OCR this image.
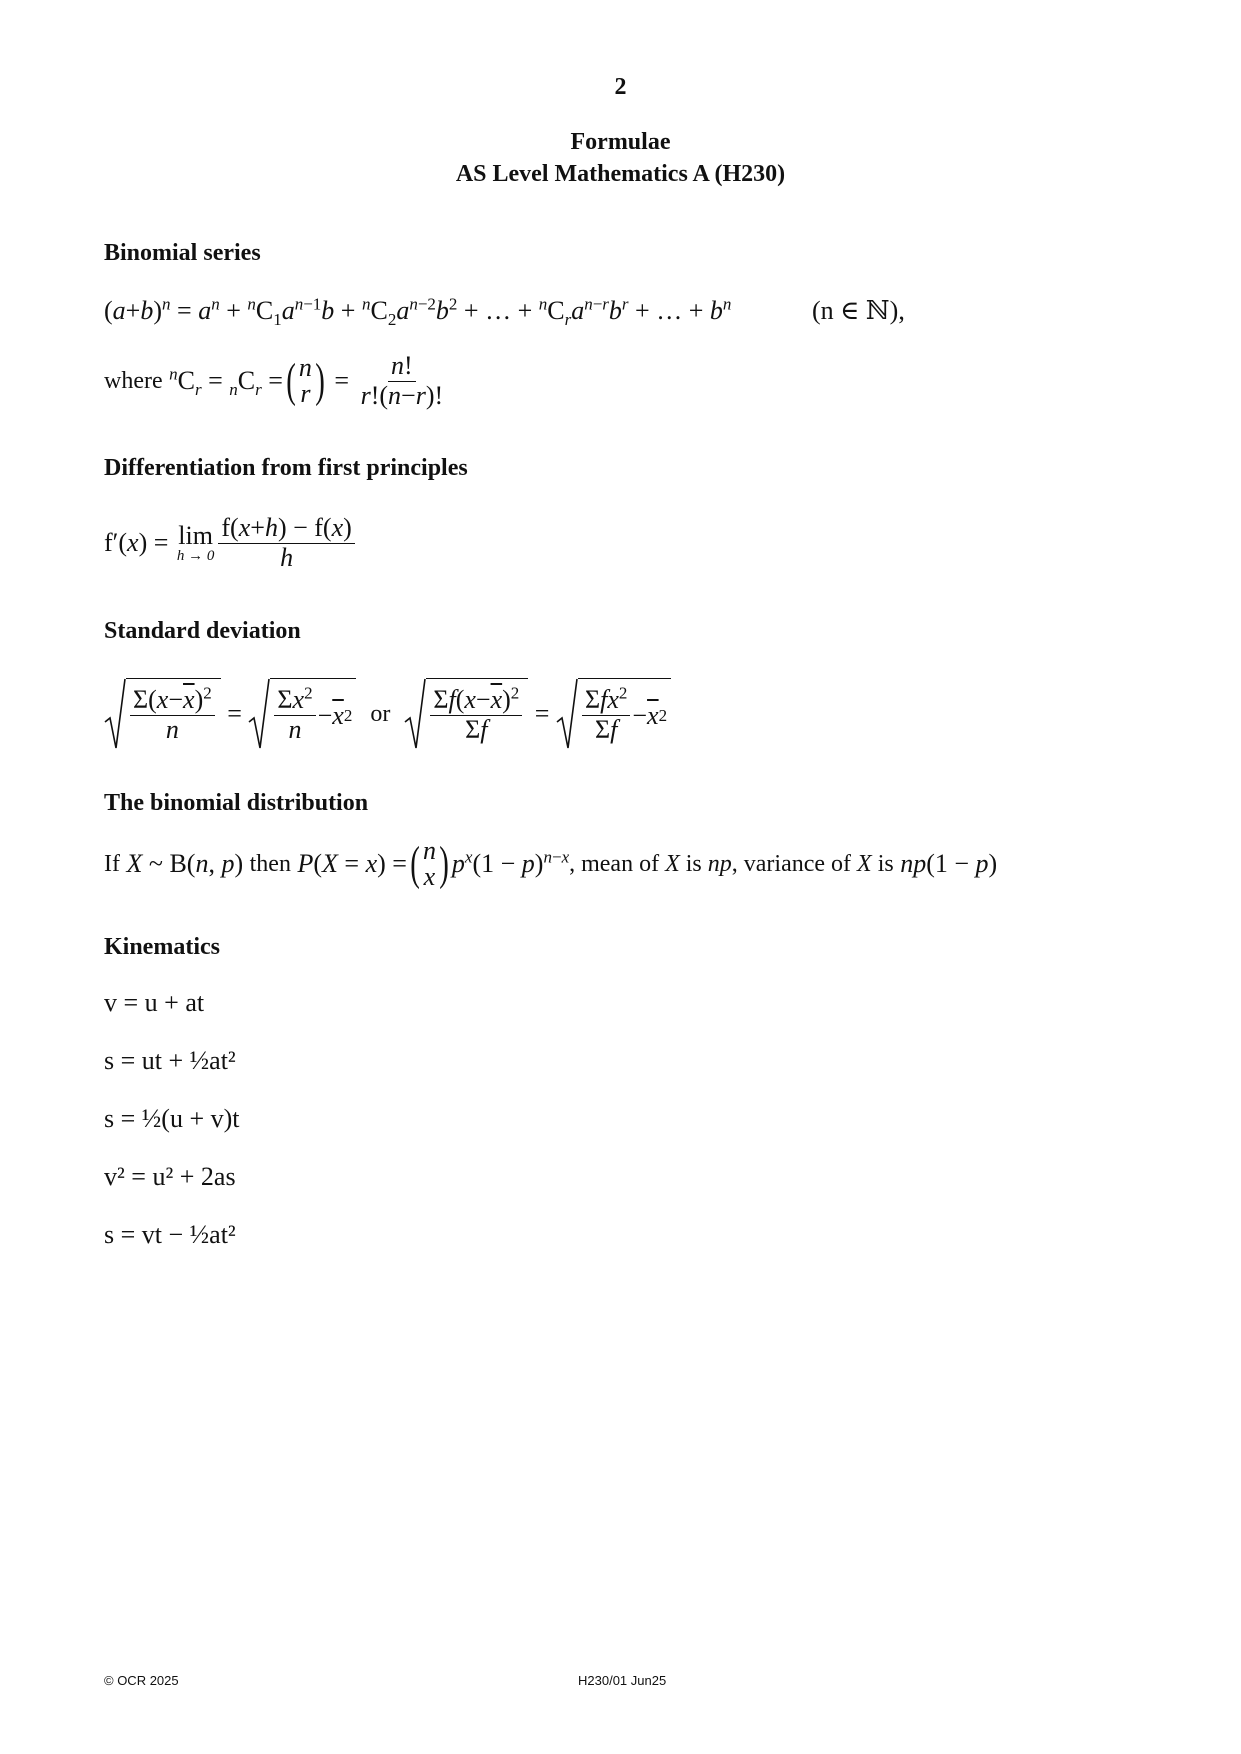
2
Formulae
AS Level Mathematics A (H230)
Binomial series
$(a+b)^n = a^n + ^nC_1a^{n-1}b + ^nC_2a^{n-2}b^2$ + … + $^nC_ra^{n-r}b^r$ + … + $b^n$	(n ∈ ℕ),
where
$^nC_r = _nC_r$ = ( n
r ) = $\frac{n!}{r!(n-r)!}$
Differentiation from first principles
f′(x) = lim
$h \to 0 \frac{f(x+h) - f(x)}{h}$
Standard deviation
$\frac{\Sigma(x-\overline{x})^2}{n} = \frac{\Sigma x^2}{n} - \overline{x}$ 2 or $\frac{\Sigma f(x-\overline{x})^2}{\Sigma f} = \frac{\Sigma fx^2}{\Sigma f} - \overline{x}$ 2
The binomial distribution
If X ~ B(n, p) then P(X = x) = ( n
x ) $p^x(1 - p)^{n-x}$ , mean of X is np , variance of X is np(1 − p)
Kinematics
v = u + at
s = ut + ½at²
s = ½(u + v)t
v² = u² + 2as
s = vt − ½at²
© OCR 2025	H230/01 Jun25
